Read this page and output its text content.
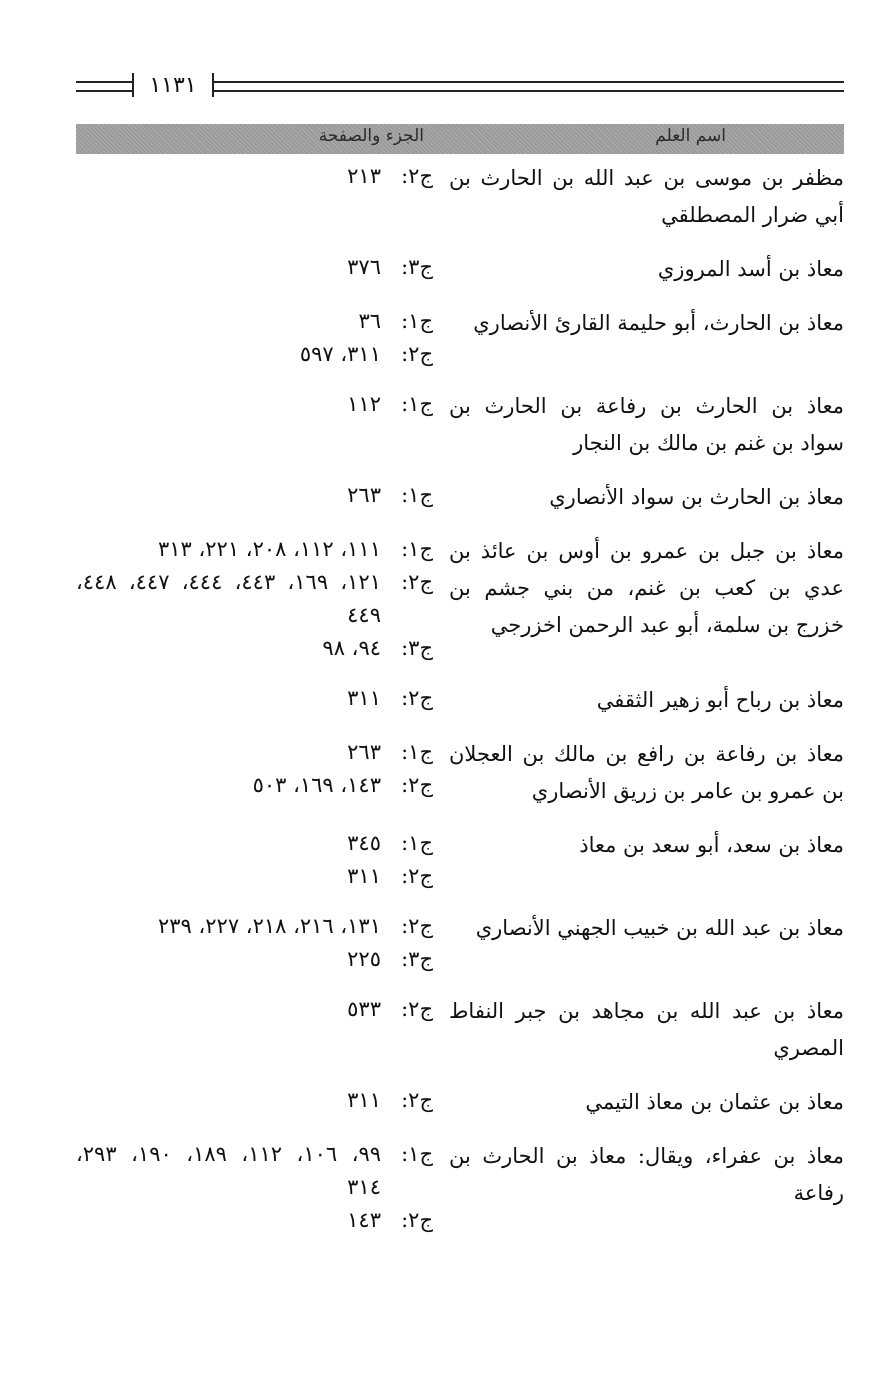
١١٣١
اسم العلم
الجزء والصفحة
مظفر بن موسى بن عبد الله بن الحارث بن أبي ضرار المصطلقي
ج٢:
٢١٣
معاذ بن أسد المروزي
ج٣:
٣٧٦
معاذ بن الحارث، أبو حليمة القارئ الأنصاري
ج١:
٣٦
ج٢:
٣١١، ٥٩٧
معاذ بن الحارث بن رفاعة بن الحارث بن سواد بن غنم بن مالك بن النجار
ج١:
١١٢
معاذ بن الحارث بن سواد الأنصاري
ج١:
٢٦٣
معاذ بن جبل بن عمرو بن أوس بن عائذ بن عدي بن كعب بن غنم، من بني جشم بن خزرج بن سلمة، أبو عبد الرحمن اخزرجي
ج١:
١١١، ١١٢، ٢٠٨، ٢٢١، ٣١٣
ج٢:
١٢١، ١٦٩، ٤٤٣، ٤٤٤، ٤٤٧، ٤٤٨، ٤٤٩
ج٣:
٩٤، ٩٨
معاذ بن رباح أبو زهير الثقفي
ج٢:
٣١١
معاذ بن رفاعة بن رافع بن مالك بن العجلان بن عمرو بن عامر بن زريق الأنصاري
ج١:
٢٦٣
ج٢:
١٤٣، ١٦٩، ٥٠٣
معاذ بن سعد، أبو سعد بن معاذ
ج١:
٣٤٥
ج٢:
٣١١
معاذ بن عبد الله بن خبيب الجهني الأنصاري
ج٢:
١٣١، ٢١٦، ٢١٨، ٢٢٧، ٢٣٩
ج٣:
٢٢٥
معاذ بن عبد الله بن مجاهد بن جبر النفاط المصري
ج٢:
٥٣٣
معاذ بن عثمان بن معاذ التيمي
ج٢:
٣١١
معاذ بن عفراء، ويقال: معاذ بن الحارث بن رفاعة
ج١:
٩٩، ١٠٦، ١١٢، ١٨٩، ١٩٠، ٢٩٣، ٣١٤
ج٢:
١٤٣
